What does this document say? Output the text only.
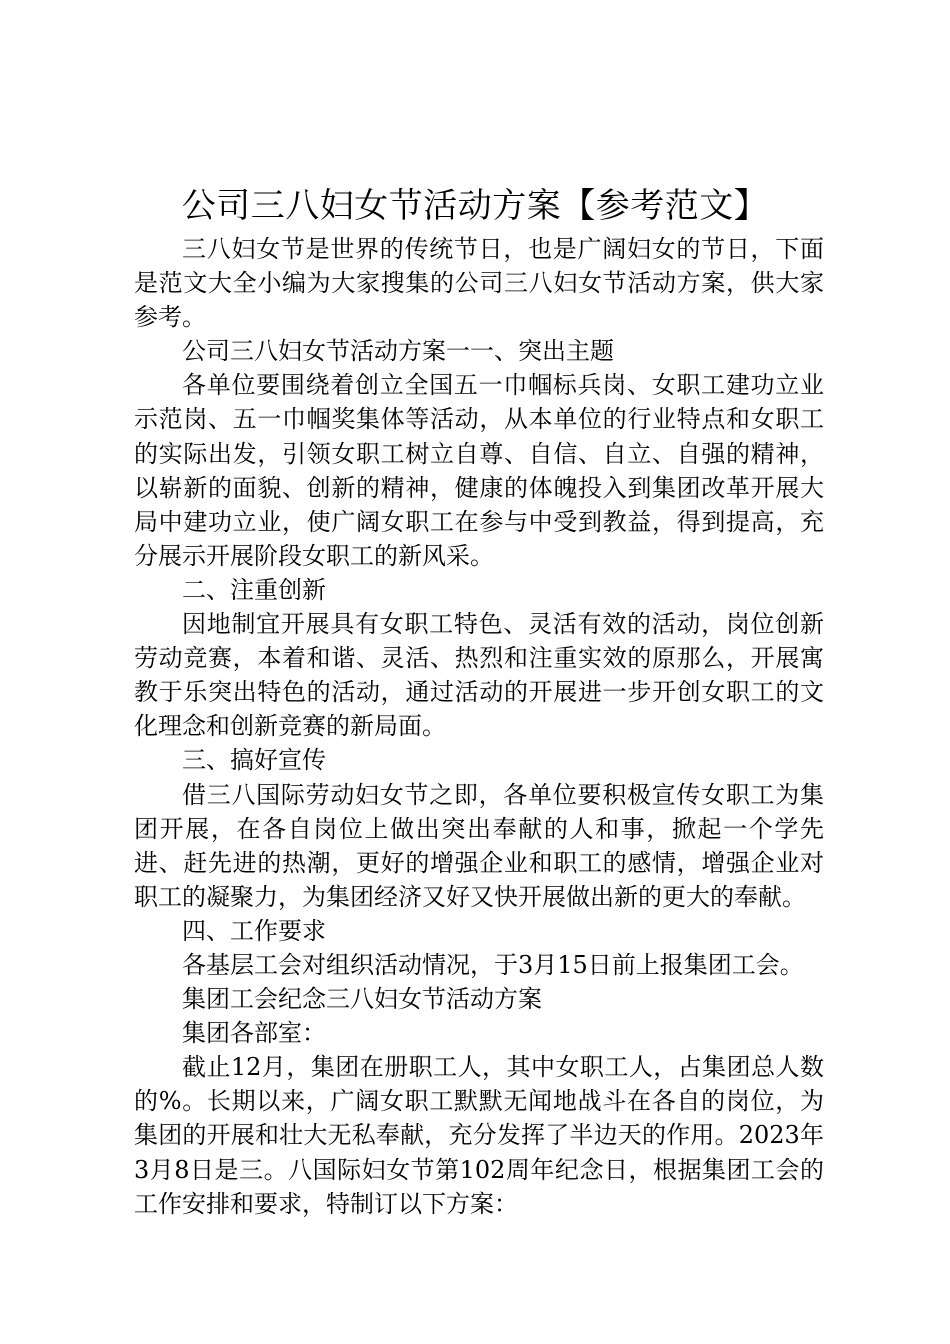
公司三八妇女节活动方案【参考范文】

三八妇女节是世界的传统节日，也是广阔妇女的节日，下面是范文大全小编为大家搜集的公司三八妇女节活动方案，供大家参考。

公司三八妇女节活动方案一一、突出主题

各单位要围绕着创立全国五一巾帼标兵岗、女职工建功立业示范岗、五一巾帼奖集体等活动，从本单位的行业特点和女职工的实际出发，引领女职工树立自尊、自信、自立、自强的精神，以崭新的面貌、创新的精神，健康的体魄投入到集团改革开展大局中建功立业，使广阔女职工在参与中受到教益，得到提高，充分展示开展阶段女职工的新风采。

二、注重创新

因地制宜开展具有女职工特色、灵活有效的活动，岗位创新劳动竞赛，本着和谐、灵活、热烈和注重实效的原那么，开展寓教于乐突出特色的活动，通过活动的开展进一步开创女职工的文化理念和创新竞赛的新局面。

三、搞好宣传

借三八国际劳动妇女节之即，各单位要积极宣传女职工为集团开展，在各自岗位上做出突出奉献的人和事，掀起一个学先进、赶先进的热潮，更好的增强企业和职工的感情，增强企业对职工的凝聚力，为集团经济又好又快开展做出新的更大的奉献。

四、工作要求

各基层工会对组织活动情况，于3月15日前上报集团工会。

集团工会纪念三八妇女节活动方案

集团各部室：

截止12月，集团在册职工人，其中女职工人，占集团总人数的%。长期以来，广阔女职工默默无闻地战斗在各自的岗位，为集团的开展和壮大无私奉献，充分发挥了半边天的作用。2023年3月8日是三。八国际妇女节第102周年纪念日，根据集团工会的工作安排和要求，特制订以下方案：
